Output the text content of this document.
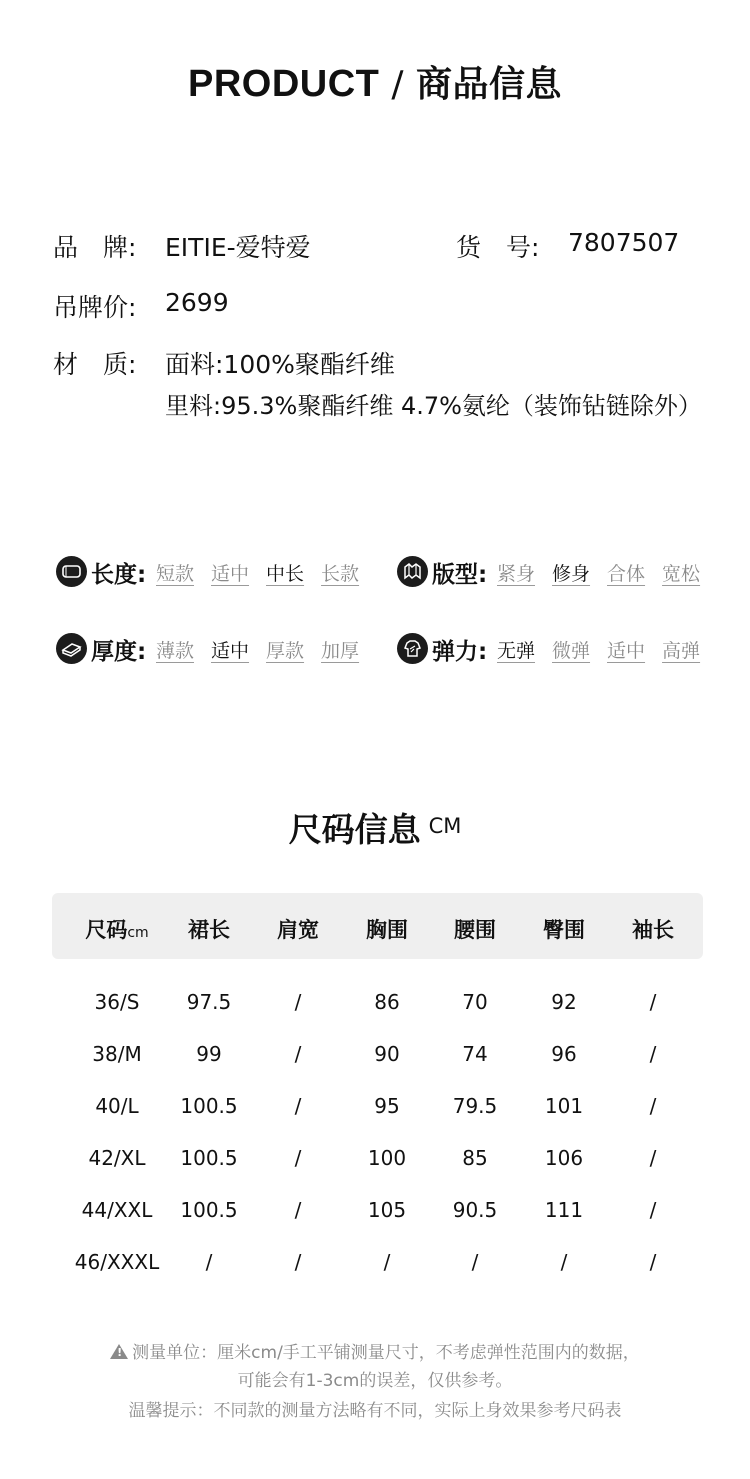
PRODUCT / 商品信息
品　牌: EITIE-爱特爱	货　号: 7807507
吊牌价: 2699
材　质: 面料:100%聚酯纤维
里料:95.3%聚酯纤维 4.7%氨纶（装饰钻链除外）
长度: 短款 适中 中长 长款	版型: 紧身 修身 合体 宽松
厚度: 薄款 适中 厚款 加厚	弹力: 无弹 微弹 适中 高弹
尺码信息 $^{CM}$
尺码cm 裙长 肩宽 胸围 腰围 臀围 袖长
36/S 97.5	/	86	70	92	/
38/M	99	/	90	74	96	/
40/L 100.5	/	95	79.5 101	/
42/XL 100.5	/	100	85	106	/
44/XXL 100.5	/	105 90.5 111	/
46/XXXL /	/	/	/	/	/
!测量单位：厘米cm/手工平铺测量尺寸，不考虑弹性范围内的数据，
可能会有1-3cm的误差，仅供参考。
温馨提示：不同款的测量方法略有不同，实际上身效果参考尺码表
